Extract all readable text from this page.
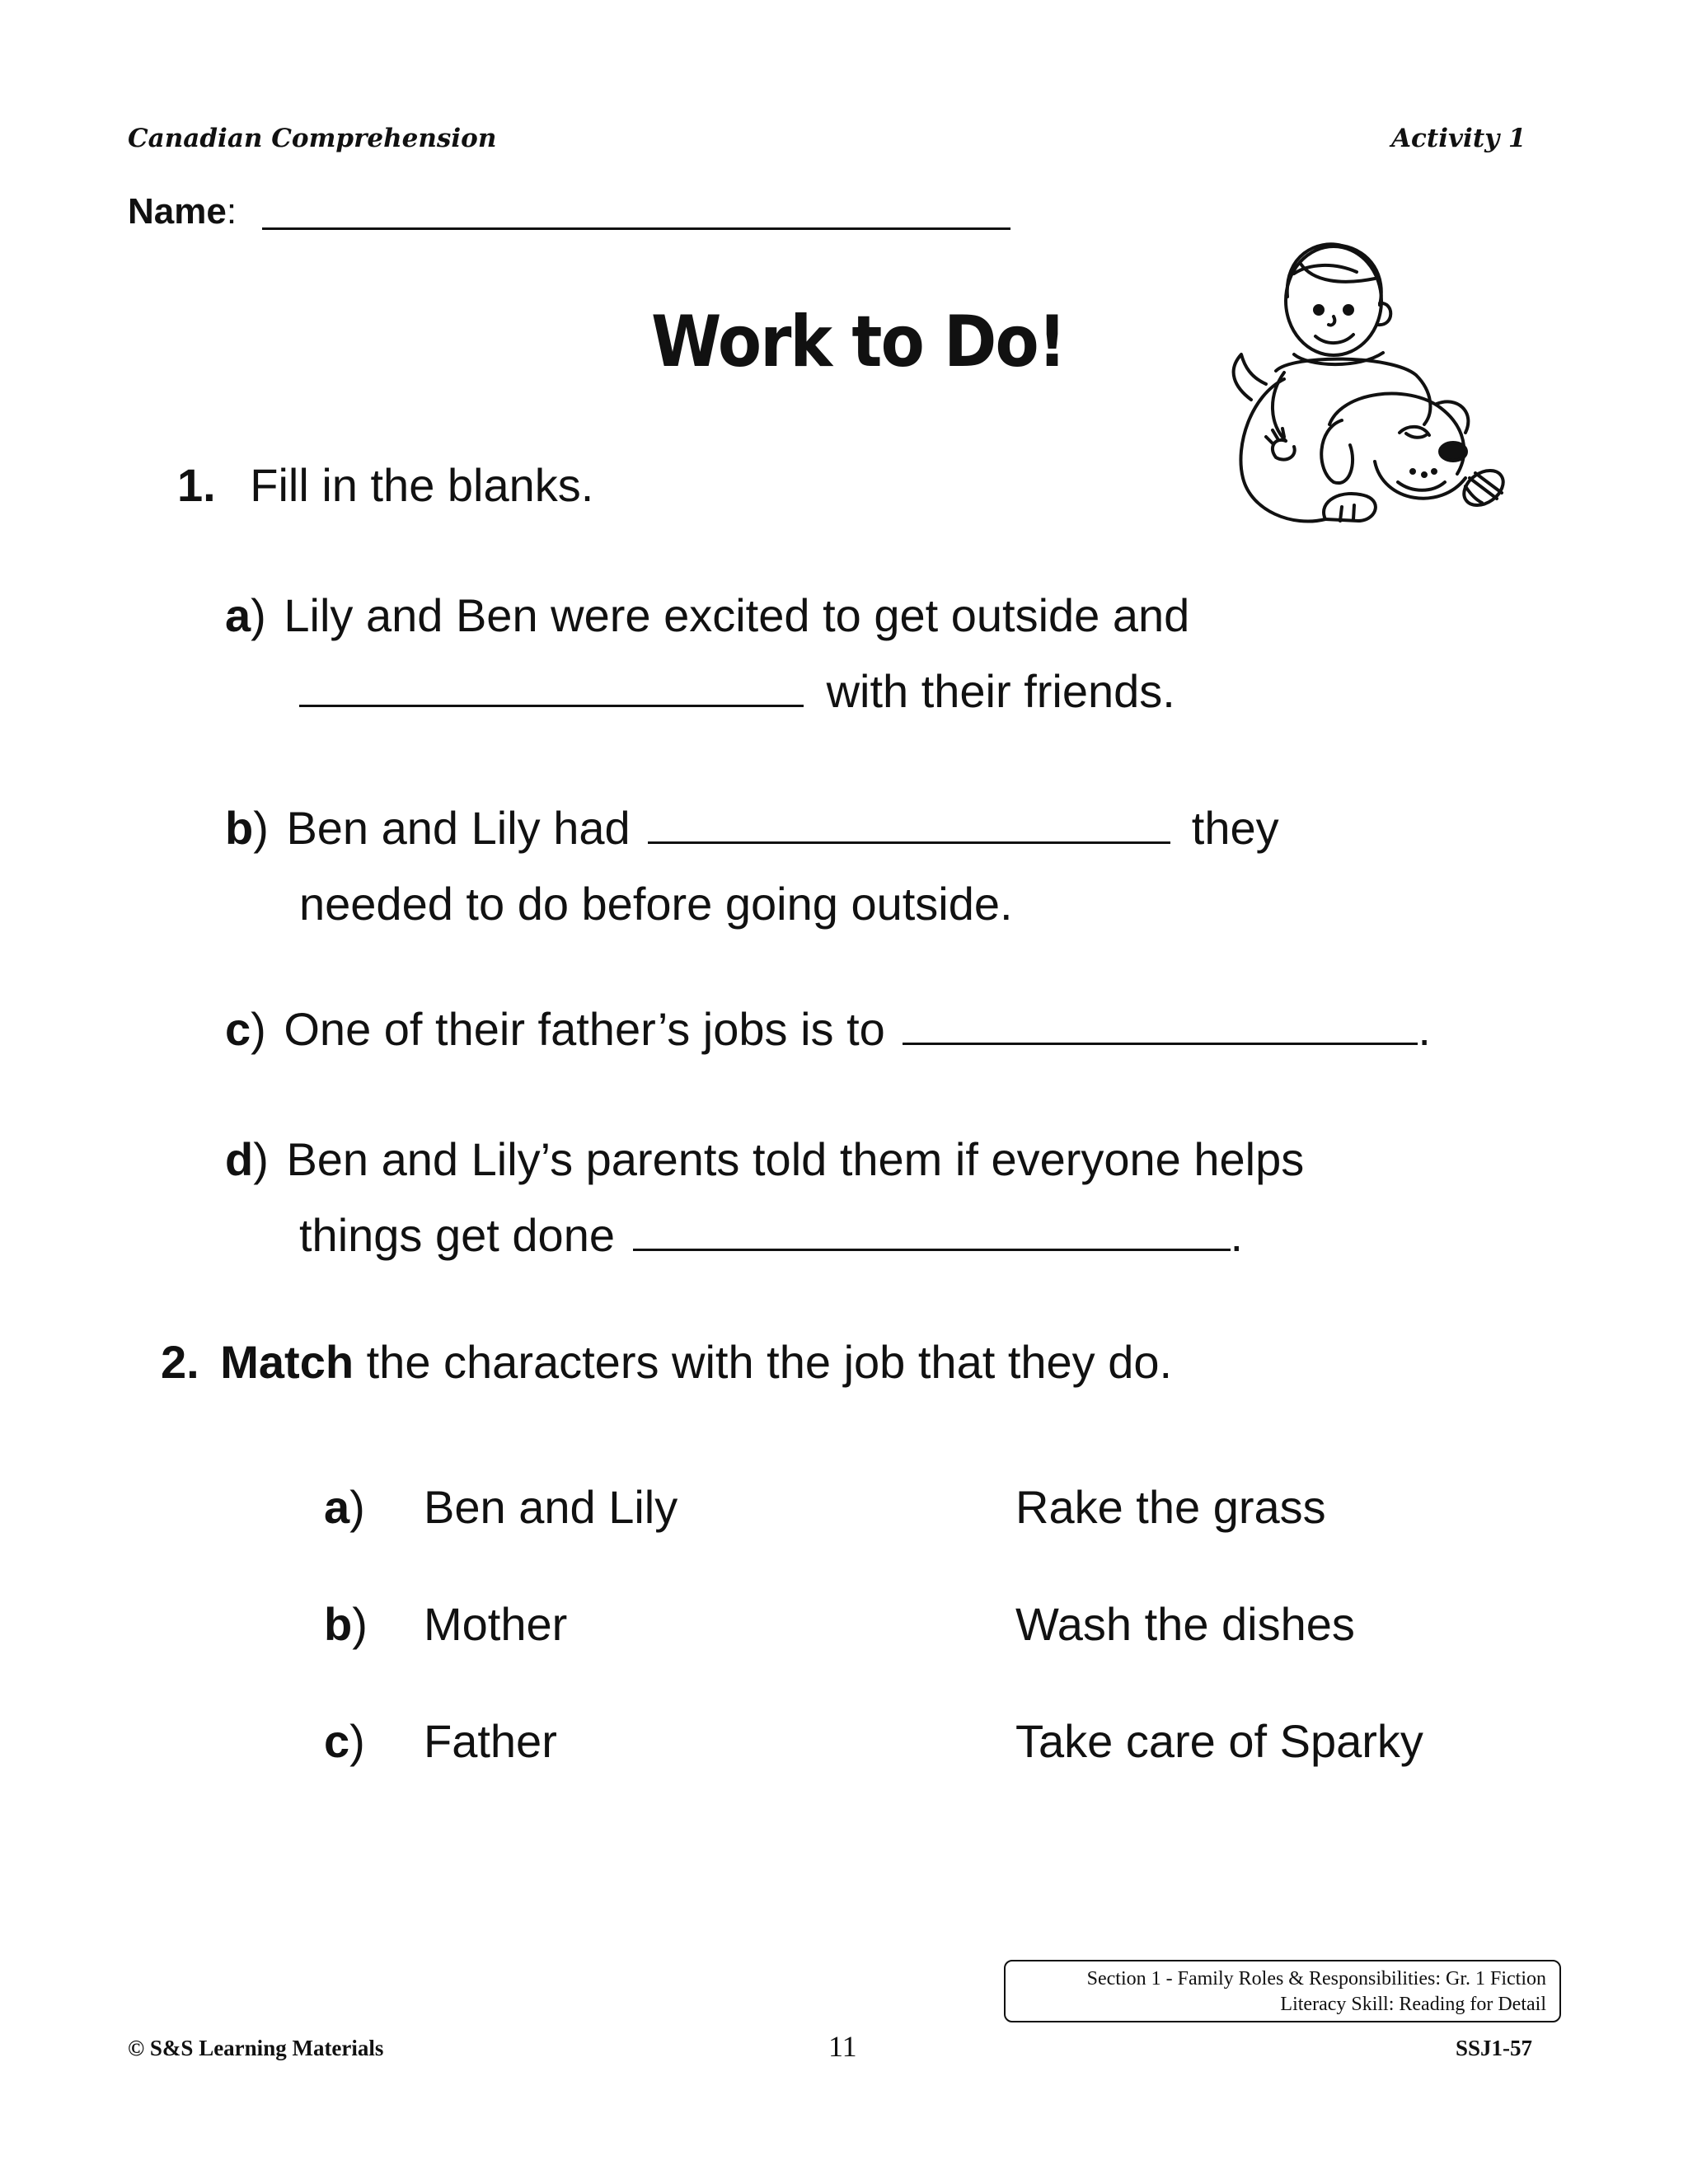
Canadian Comprehension	Activity 1
Name:
Work to Do!
1. Fill in the blanks.
a) Lily and Ben were excited to get outside and
with their friends.
b) Ben and Lily had	they
needed to do before going outside.
c) One of their father’s jobs is to	.
d) Ben and Lily’s parents told them if everyone helps
things get done	.
2. Match the characters with the job that they do.
a) Ben and Lily	Rake the grass
b) Mother	Wash the dishes
c) Father	Take care of Sparky
Section 1 - Family Roles & Responsibilities: Gr. 1 Fiction
Literacy Skill: Reading for Detail
© S&S Learning Materials	11	SSJ1-57
